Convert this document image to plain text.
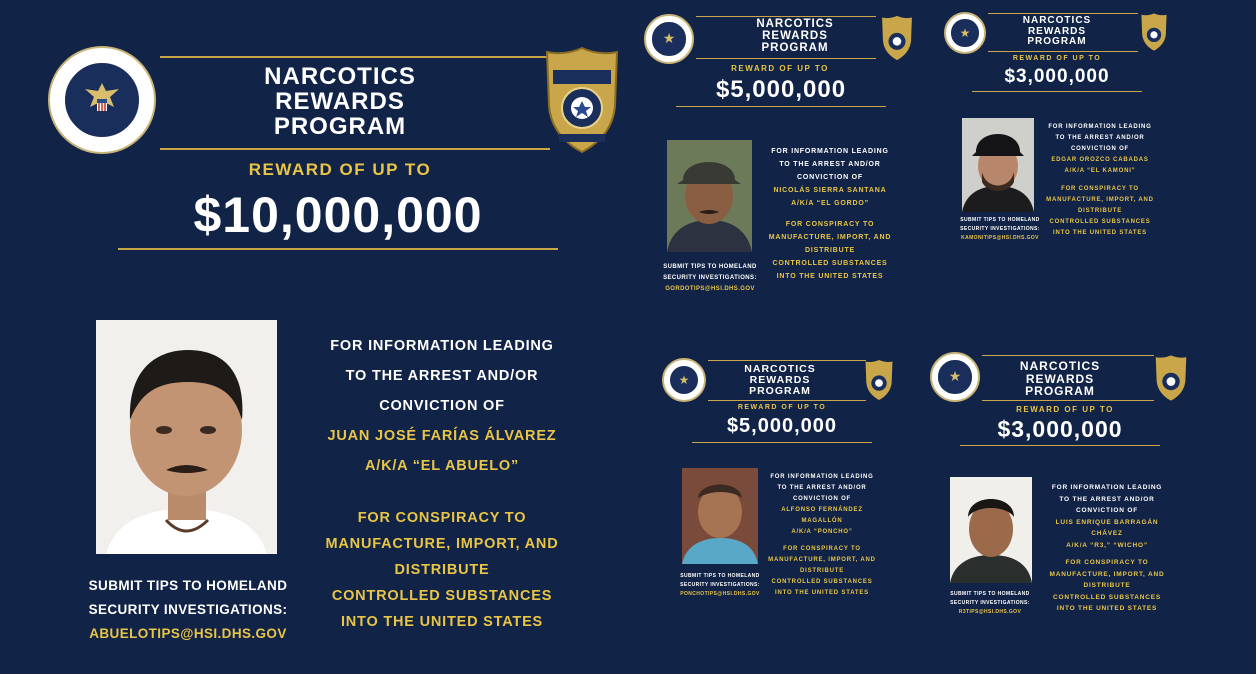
NARCOTICS
REWARDS
PROGRAM
REWARD OF UP TO
$10,000,000
SUBMIT TIPS TO HOMELAND
SECURITY INVESTIGATIONS:
ABUELOTIPS@HSI.DHS.GOV
FOR INFORMATION LEADING
TO THE ARREST AND/OR
CONVICTION OF
JUAN JOSÉ FARÍAS ÁLVAREZ
A/K/A “EL ABUELO”
FOR CONSPIRACY TO
MANUFACTURE, IMPORT, AND
DISTRIBUTE
CONTROLLED SUBSTANCES
INTO THE UNITED STATES
★
NARCOTICS
REWARDS
PROGRAM
REWARD OF UP TO
$5,000,000
SUBMIT TIPS TO HOMELAND
SECURITY INVESTIGATIONS:
GORDOTIPS@HSI.DHS.GOV
FOR INFORMATION LEADING
TO THE ARREST AND/OR
CONVICTION OF
NICOLÁS SIERRA SANTANA
A/K/A “EL GORDO”
FOR CONSPIRACY TO
MANUFACTURE, IMPORT, AND
DISTRIBUTE
CONTROLLED SUBSTANCES
INTO THE UNITED STATES
★
NARCOTICS
REWARDS
PROGRAM
REWARD OF UP TO
$3,000,000
SUBMIT TIPS TO HOMELAND
SECURITY INVESTIGATIONS:
KAMONITIPS@HSI.DHS.GOV
FOR INFORMATION LEADING
TO THE ARREST AND/OR
CONVICTION OF
EDGAR OROZCO CABADAS
A/K/A “EL KAMONI”
FOR CONSPIRACY TO
MANUFACTURE, IMPORT, AND
DISTRIBUTE
CONTROLLED SUBSTANCES
INTO THE UNITED STATES
★
NARCOTICS
REWARDS
PROGRAM
REWARD OF UP TO
$5,000,000
SUBMIT TIPS TO HOMELAND
SECURITY INVESTIGATIONS:
PONCHOTIPS@HSI.DHS.GOV
FOR INFORMATION LEADING
TO THE ARREST AND/OR
CONVICTION OF
ALFONSO FERNÁNDEZ
MAGALLÓN
A/K/A “PONCHO”
FOR CONSPIRACY TO
MANUFACTURE, IMPORT, AND
DISTRIBUTE
CONTROLLED SUBSTANCES
INTO THE UNITED STATES
★
NARCOTICS
REWARDS
PROGRAM
REWARD OF UP TO
$3,000,000
SUBMIT TIPS TO HOMELAND
SECURITY INVESTIGATIONS:
R3TIPS@HSI.DHS.GOV
FOR INFORMATION LEADING
TO THE ARREST AND/OR
CONVICTION OF
LUIS ENRIQUE BARRAGÁN
CHÁVEZ
A/K/A “R3,” “WICHO”
FOR CONSPIRACY TO
MANUFACTURE, IMPORT, AND
DISTRIBUTE
CONTROLLED SUBSTANCES
INTO THE UNITED STATES
